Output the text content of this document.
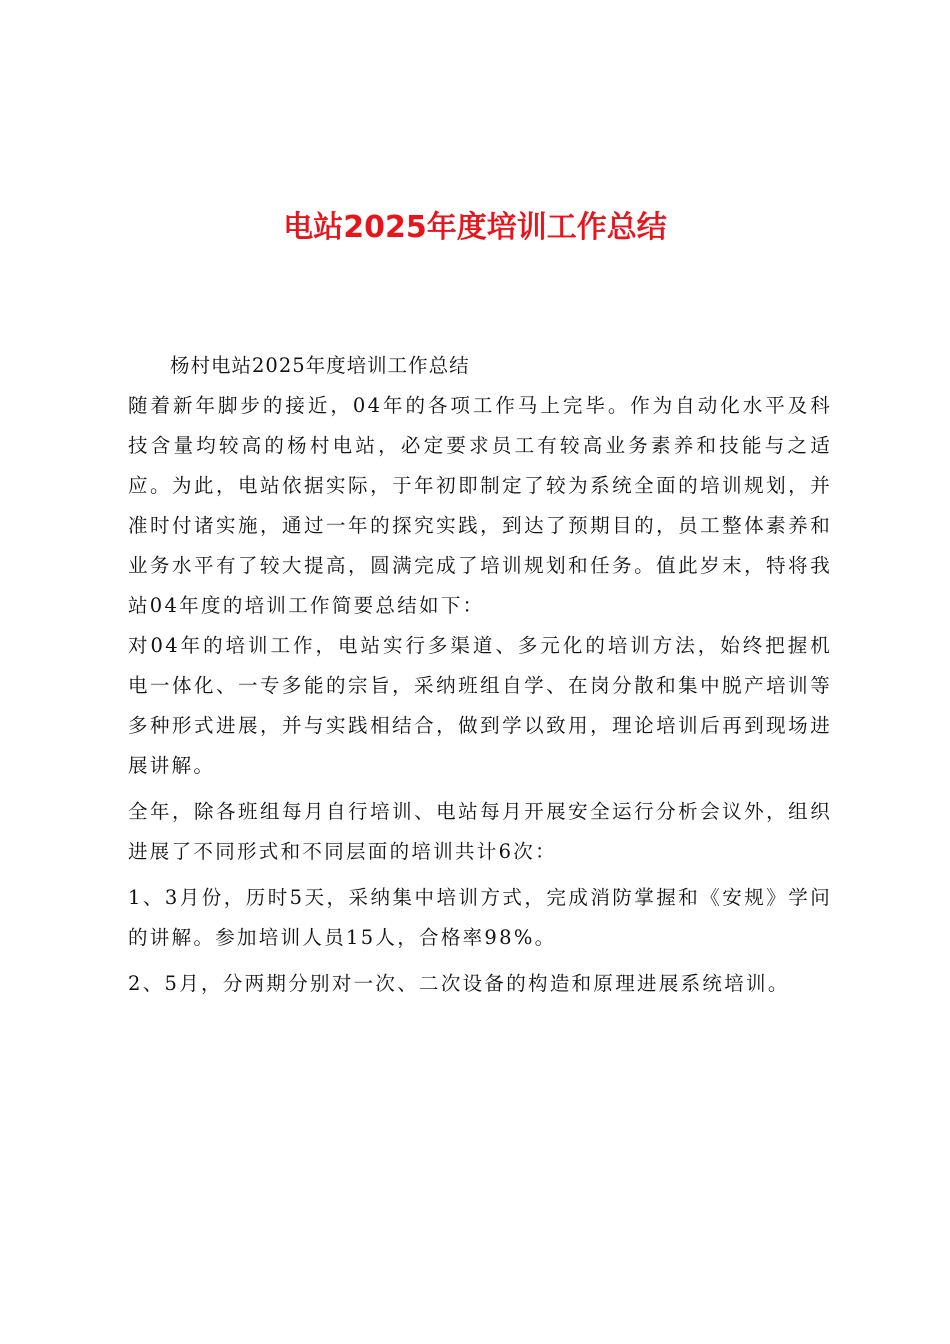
电站2025年度培训工作总结

杨村电站2025年度培训工作总结

随着新年脚步的接近，04年的各项工作马上完毕。作为自动化水平及科技含量均较高的杨村电站，必定要求员工有较高业务素养和技能与之适应。为此，电站依据实际，于年初即制定了较为系统全面的培训规划，并准时付诸实施，通过一年的探究实践，到达了预期目的，员工整体素养和业务水平有了较大提高，圆满完成了培训规划和任务。值此岁末，特将我站04年度的培训工作简要总结如下：

对04年的培训工作，电站实行多渠道、多元化的培训方法，始终把握机电一体化、一专多能的宗旨，采纳班组自学、在岗分散和集中脱产培训等多种形式进展，并与实践相结合，做到学以致用，理论培训后再到现场进展讲解。

全年，除各班组每月自行培训、电站每月开展安全运行分析会议外，组织进展了不同形式和不同层面的培训共计6次：

1、3月份，历时5天，采纳集中培训方式，完成消防掌握和《安规》学问的讲解。参加培训人员15人，合格率98%。

2、5月，分两期分别对一次、二次设备的构造和原理进展系统培训。
